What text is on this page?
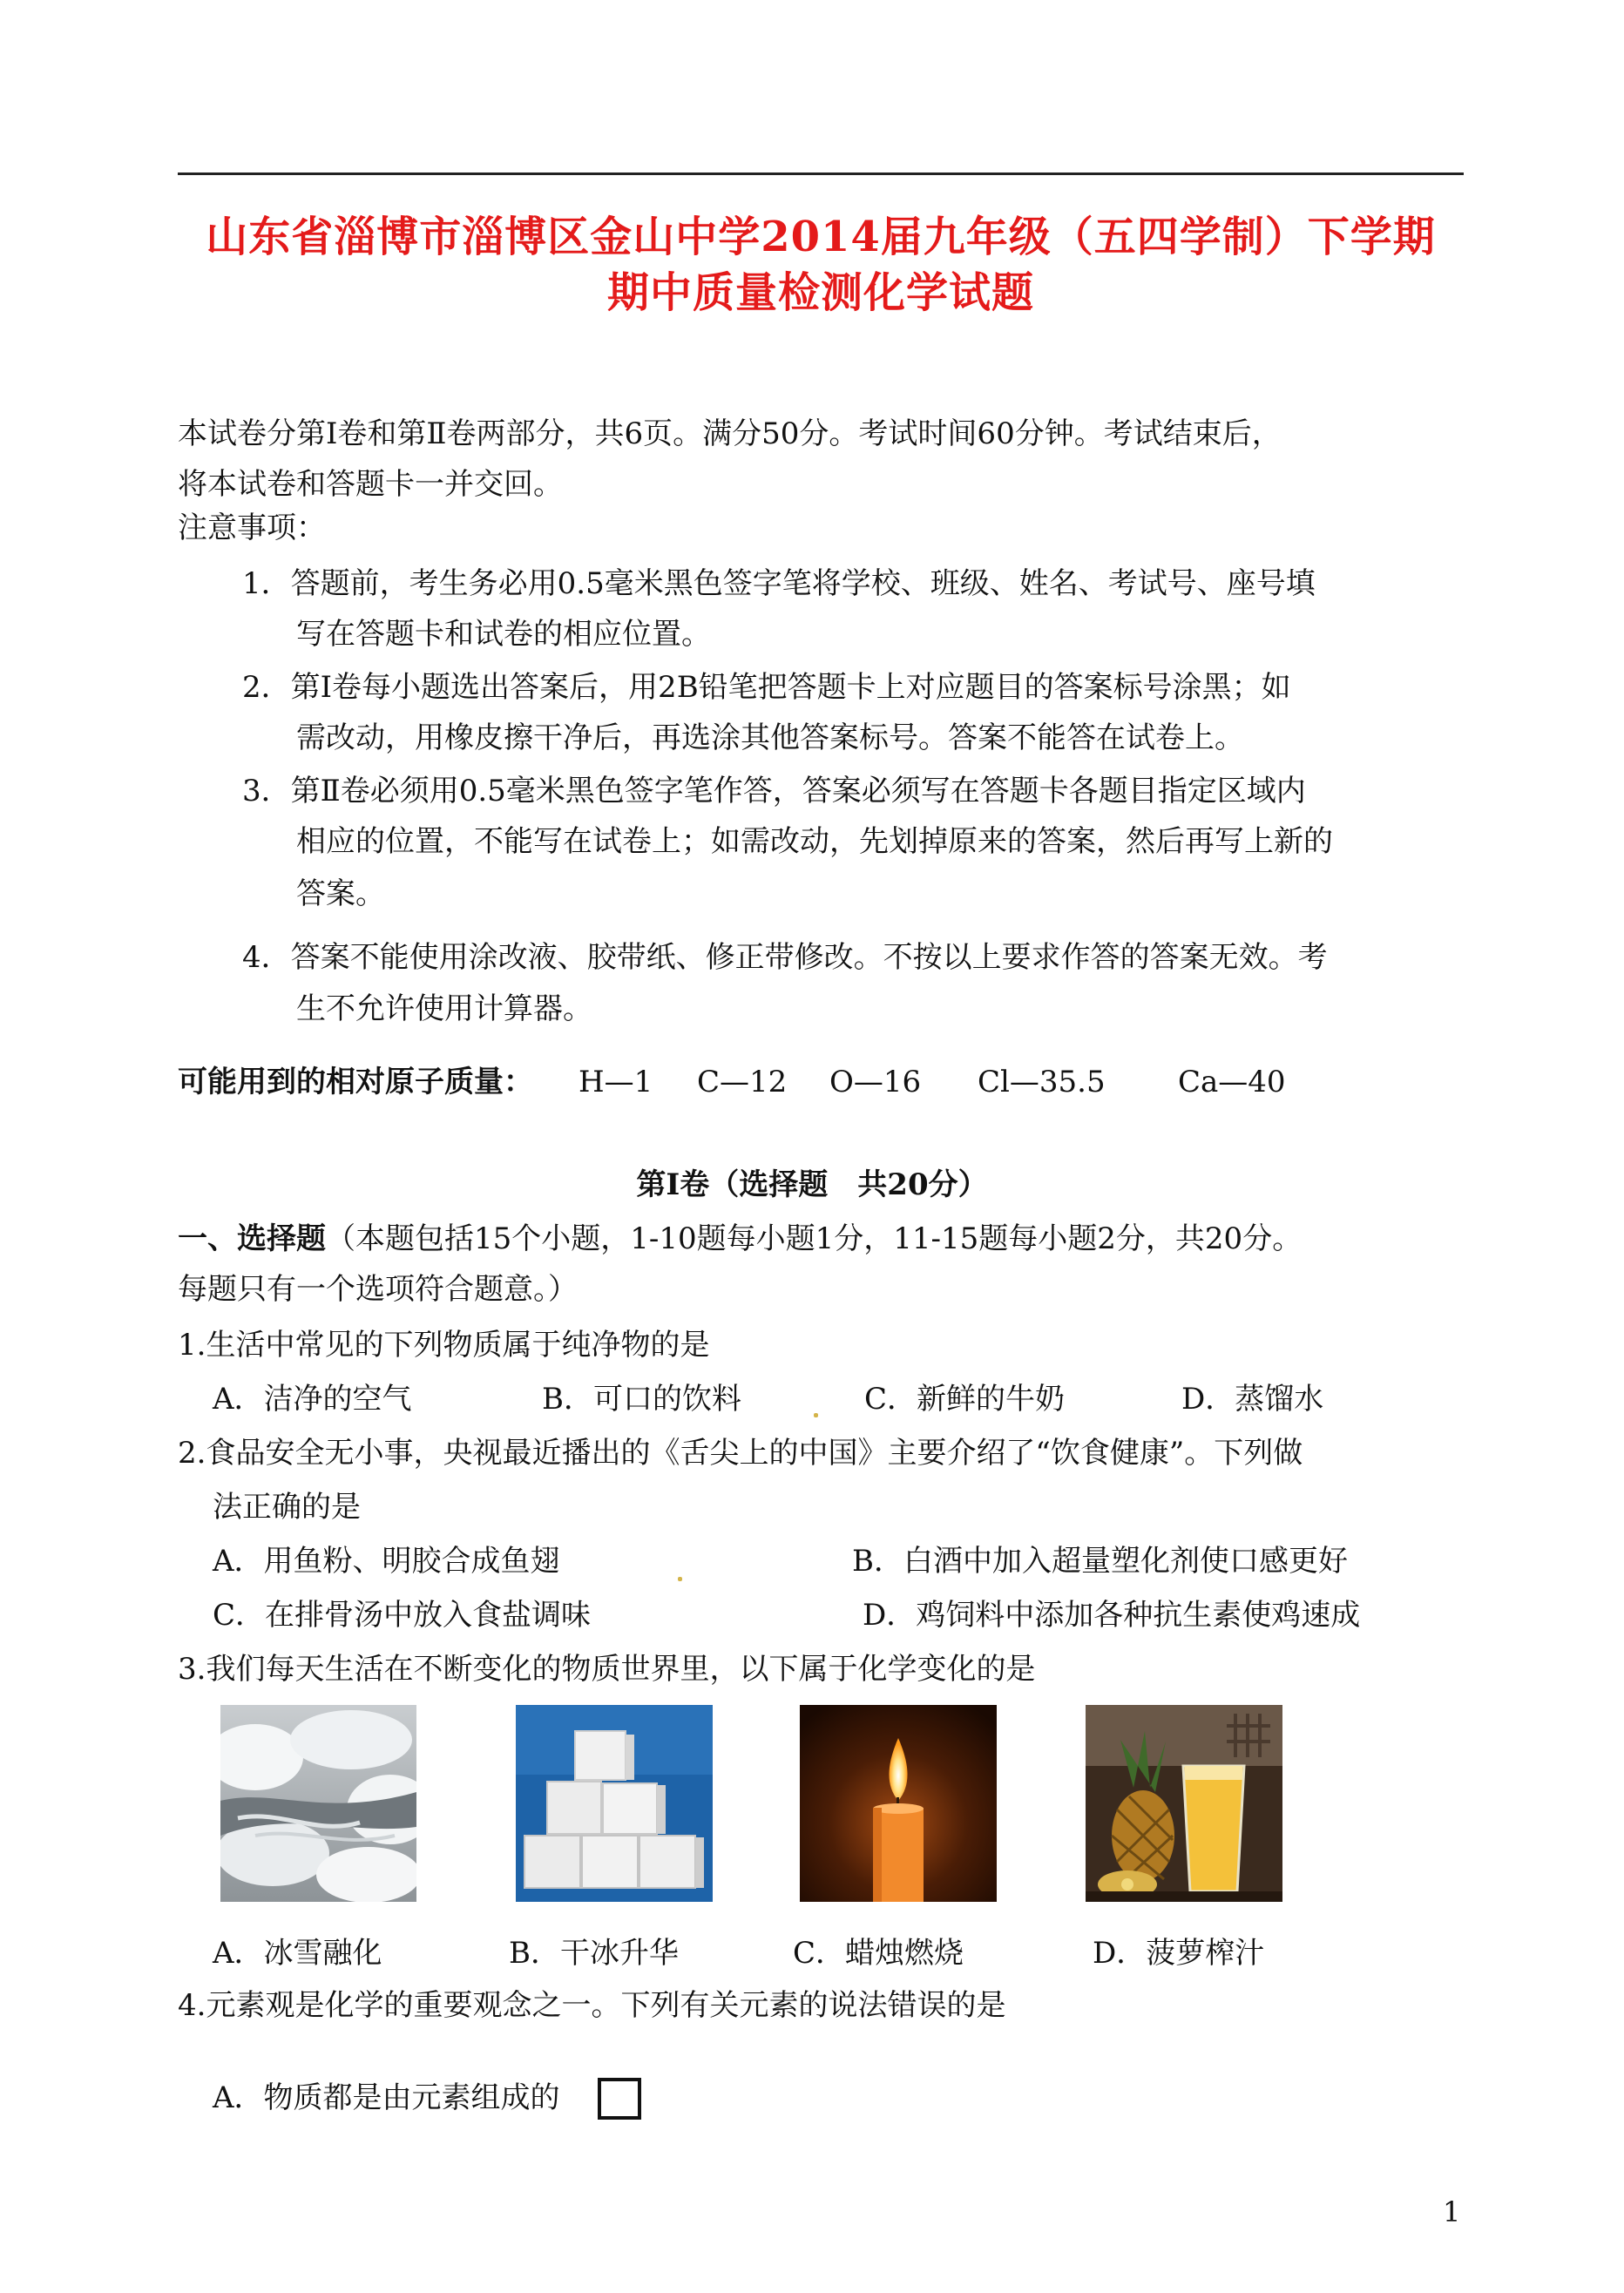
山东省淄博市淄博区金山中学2014届九年级（五四学制）下学期
期中质量检测化学试题
本试卷分第Ⅰ卷和第Ⅱ卷两部分，共6页。满分50分。考试时间60分钟。考试结束后，
将本试卷和答题卡一并交回。
注意事项：
1．答题前，考生务必用0.5毫米黑色签字笔将学校、班级、姓名、考试号、座号填
写在答题卡和试卷的相应位置。
2．第Ⅰ卷每小题选出答案后，用2B铅笔把答题卡上对应题目的答案标号涂黑；如
需改动，用橡皮擦干净后，再选涂其他答案标号。答案不能答在试卷上。
3．第Ⅱ卷必须用0.5毫米黑色签字笔作答，答案必须写在答题卡各题目指定区域内
相应的位置，不能写在试卷上；如需改动，先划掉原来的答案，然后再写上新的
答案。
4．答案不能使用涂改液、胶带纸、修正带修改。不按以上要求作答的答案无效。考
生不允许使用计算器。
可能用到的相对原子质量： H—1 C—12 O—16 Cl—35.5 Ca—40
第Ⅰ卷（选择题　共20分）
一、选择题（本题包括15个小题，1-10题每小题1分，11-15题每小题2分，共20分。
每题只有一个选项符合题意。）
1.生活中常见的下列物质属于纯净物的是
A．洁净的空气	B．可口的饮料	C．新鲜的牛奶	D．蒸馏水
2.食品安全无小事，央视最近播出的《舌尖上的中国》主要介绍了“饮食健康”。下列做
法正确的是
A．用鱼粉、明胶合成鱼翅	B．白酒中加入超量塑化剂使口感更好
C．在排骨汤中放入食盐调味	D．鸡饲料中添加各种抗生素使鸡速成
3.我们每天生活在不断变化的物质世界里，以下属于化学变化的是
A．冰雪融化	B．干冰升华	C．蜡烛燃烧	D．菠萝榨汁
4.元素观是化学的重要观念之一。下列有关元素的说法错误的是
A．物质都是由元素组成的
1
